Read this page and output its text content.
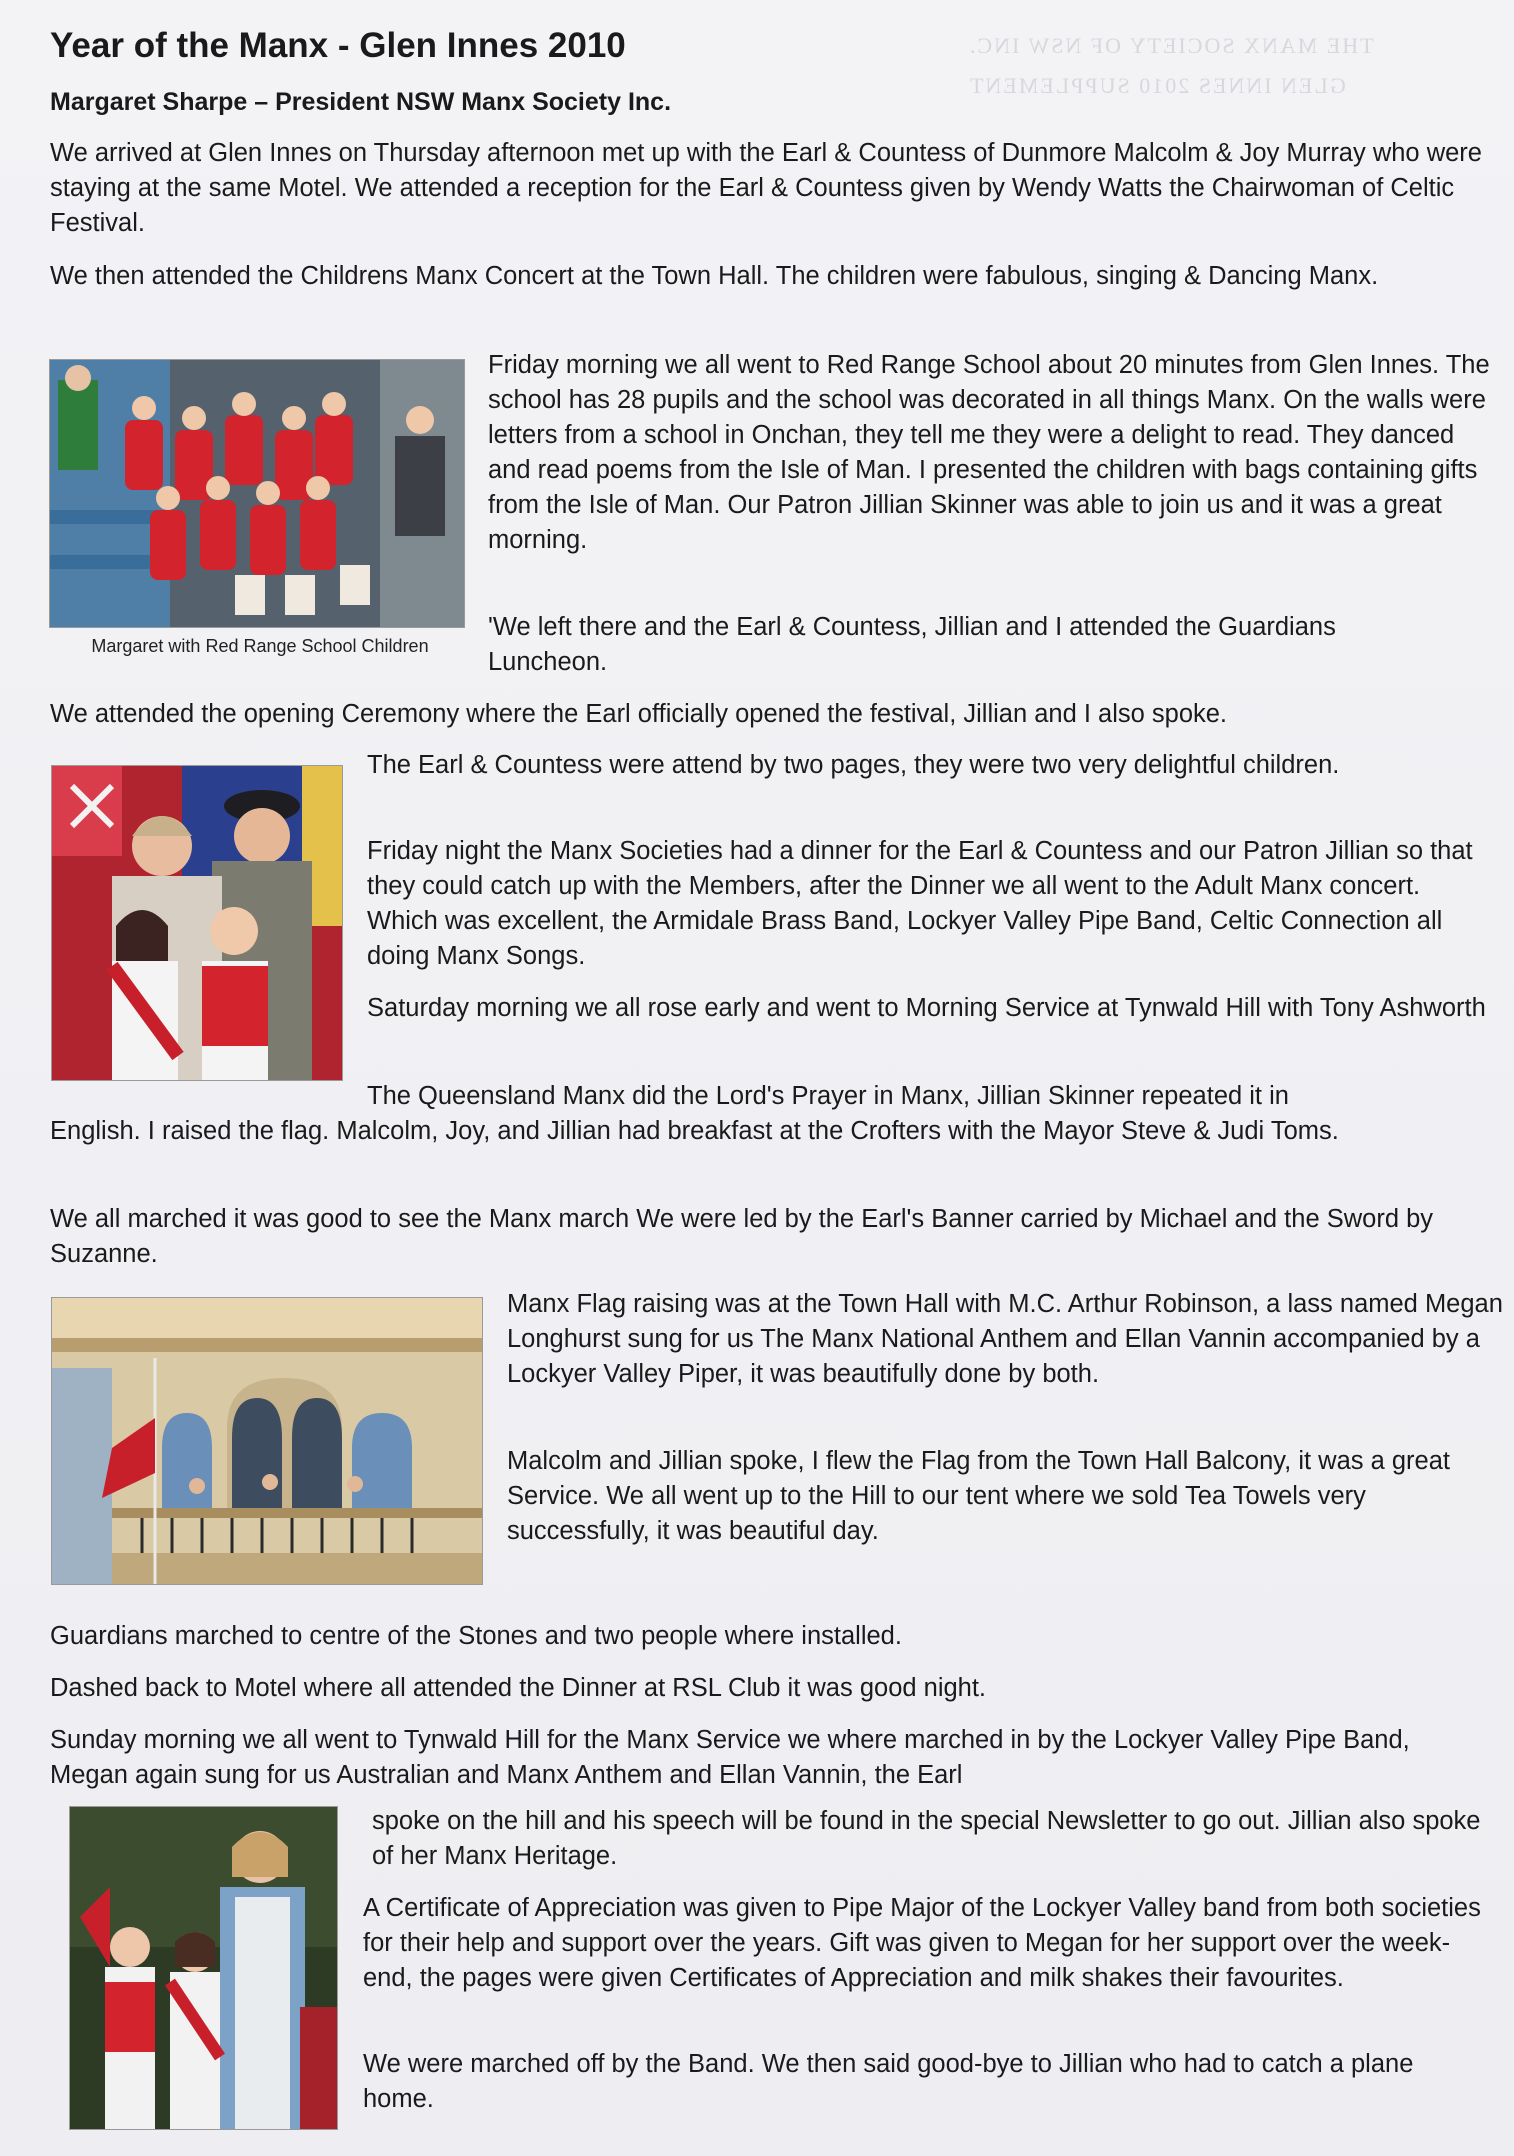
THE MANX SOCIETY OF NSW INC.
GLEN INNES 2010 SUPPLEMENT
Year of the Manx - Glen Innes 2010
Margaret Sharpe – President NSW Manx Society Inc.

We arrived at Glen Innes on Thursday afternoon met up with the Earl & Countess of Dunmore Malcolm & Joy Murray who were staying at the same Motel. We attended a reception for the Earl & Countess given by Wendy Watts the Chairwoman of Celtic Festival.

We then attended the Childrens Manx Concert at the Town Hall. The children were fabulous, singing & Dancing Manx.

Margaret with Red Range School Children

Friday morning we all went to Red Range School about 20 minutes from Glen Innes. The school has 28 pupils and the school was decorated in all things Manx. On the walls were letters from a school in Onchan, they tell me they were a delight to read. They danced and read poems from the Isle of Man. I presented the children with bags containing gifts from the Isle of Man. Our Patron Jillian Skinner was able to join us and it was a great morning.

'We left there and the Earl & Countess, Jillian and I attended the Guardians Luncheon.

We attended the opening Ceremony where the Earl officially opened the festival, Jillian and I also spoke.

The Earl & Countess were attend by two pages, they were two very delightful children.

Friday night the Manx Societies had a dinner for the Earl & Countess and our Patron Jillian so that they could catch up with the Members, after the Dinner we all went to the Adult Manx concert. Which was excellent, the Armidale Brass Band, Lockyer Valley Pipe Band, Celtic Connection all doing Manx Songs.

Saturday morning we all rose early and went to Morning Service at Tynwald Hill with Tony Ashworth

The Queensland Manx did the Lord's Prayer in Manx, Jillian Skinner repeated it in

English. I raised the flag. Malcolm, Joy, and Jillian had breakfast at the Crofters with the Mayor Steve & Judi Toms.

We all marched it was good to see the Manx march We were led by the Earl's Banner carried by Michael and the Sword by Suzanne.

Manx Flag raising was at the Town Hall with M.C. Arthur Robinson, a lass named Megan Longhurst sung for us The Manx National Anthem and Ellan Vannin accompanied by a Lockyer Valley Piper, it was beautifully done by both.

Malcolm and Jillian spoke, I flew the Flag from the Town Hall Balcony, it was a great Service. We all went up to the Hill to our tent where we sold Tea Towels very successfully, it was beautiful day.

Guardians marched to centre of the Stones and two people where installed.

Dashed back to Motel where all attended the Dinner at RSL Club it was good night.

Sunday morning we all went to Tynwald Hill for the Manx Service we where marched in by the Lockyer Valley Pipe Band, Megan again sung for us Australian and Manx Anthem and Ellan Vannin, the Earl

spoke on the hill and his speech will be found in the special Newsletter to go out. Jillian also spoke of her Manx Heritage.

A Certificate of Appreciation was given to Pipe Major of the Lockyer Valley band from both societies for their help and support over the years. Gift was given to Megan for her support over the week-end, the pages were given Certificates of Appreciation and milk shakes their favourites.

We were marched off by the Band. We then said good-bye to Jillian who had to catch a plane home.
